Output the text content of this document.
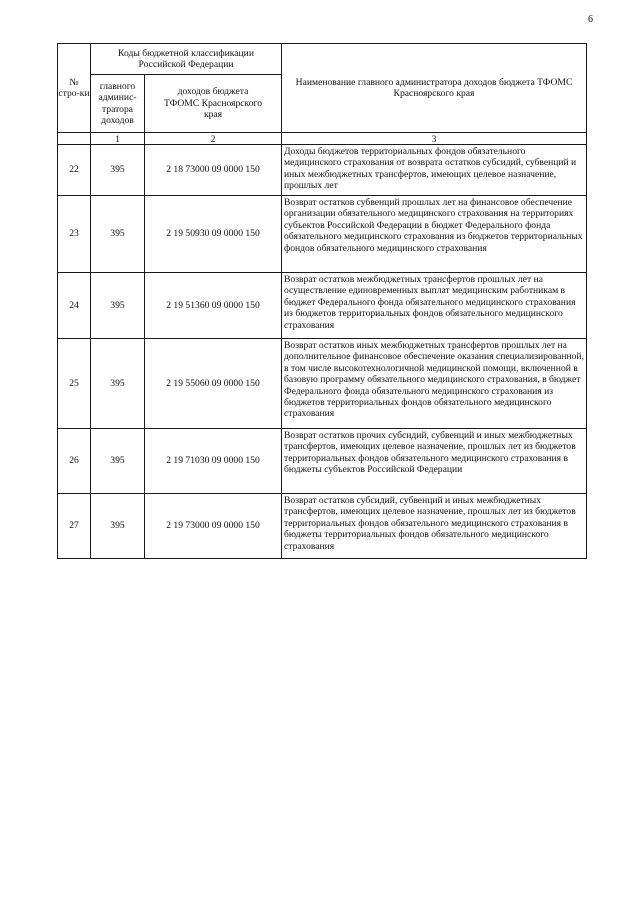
6
№ стро-ки	Коды бюджетной классификации Российской Федерации		Наименование главного администратора доходов бюджета ТФОМС Красноярского края
	главного админис-тратора доходов	доходов бюджета ТФОМС Красноярского края	
	1	2	3
22	395	2 18 73000 09 0000 150	Доходы бюджетов территориальных фондов обязательного медицинского страхования от возврата остатков субсидий, субвенций и иных межбюджетных трансфертов, имеющих целевое назначение, прошлых лет
23	395	2 19 50930 09 0000 150	Возврат остатков субвенций прошлых лет на финансовое обеспечение организации обязательного медицинского страхования на территориях субъектов Российской Федерации в бюджет Федерального фонда обязательного медицинского страхования из бюджетов территориальных фондов обязательного медицинского страхования
24	395	2 19 51360 09 0000 150	Возврат остатков межбюджетных трансфертов прошлых лет на осуществление единовременных выплат медицинским работникам в бюджет Федерального фонда обязательного медицинского страхования из бюджетов территориальных фондов обязательного медицинского страхования
25	395	2 19 55060 09 0000 150	Возврат остатков иных межбюджетных трансфертов прошлых лет на дополнительное финансовое обеспечение оказания специализированной, в том числе высокотехнологичной медицинской помощи, включенной в базовую программу обязательного медицинского страхования, в бюджет Федерального фонда обязательного медицинского страхования из бюджетов территориальных фондов обязательного медицинского страхования
26	395	2 19 71030 09 0000 150	Возврат остатков прочих субсидий, субвенций и иных межбюджетных трансфертов, имеющих целевое назначение, прошлых лет из бюджетов территориальных фондов обязательного медицинского страхования в бюджеты субъектов Российской Федерации
27	395	2 19 73000 09 0000 150	Возврат остатков субсидий, субвенций и иных межбюджетных трансфертов, имеющих целевое назначение, прошлых лет из бюджетов территориальных фондов обязательного медицинского страхования в бюджеты территориальных фондов обязательного медицинского страхования
